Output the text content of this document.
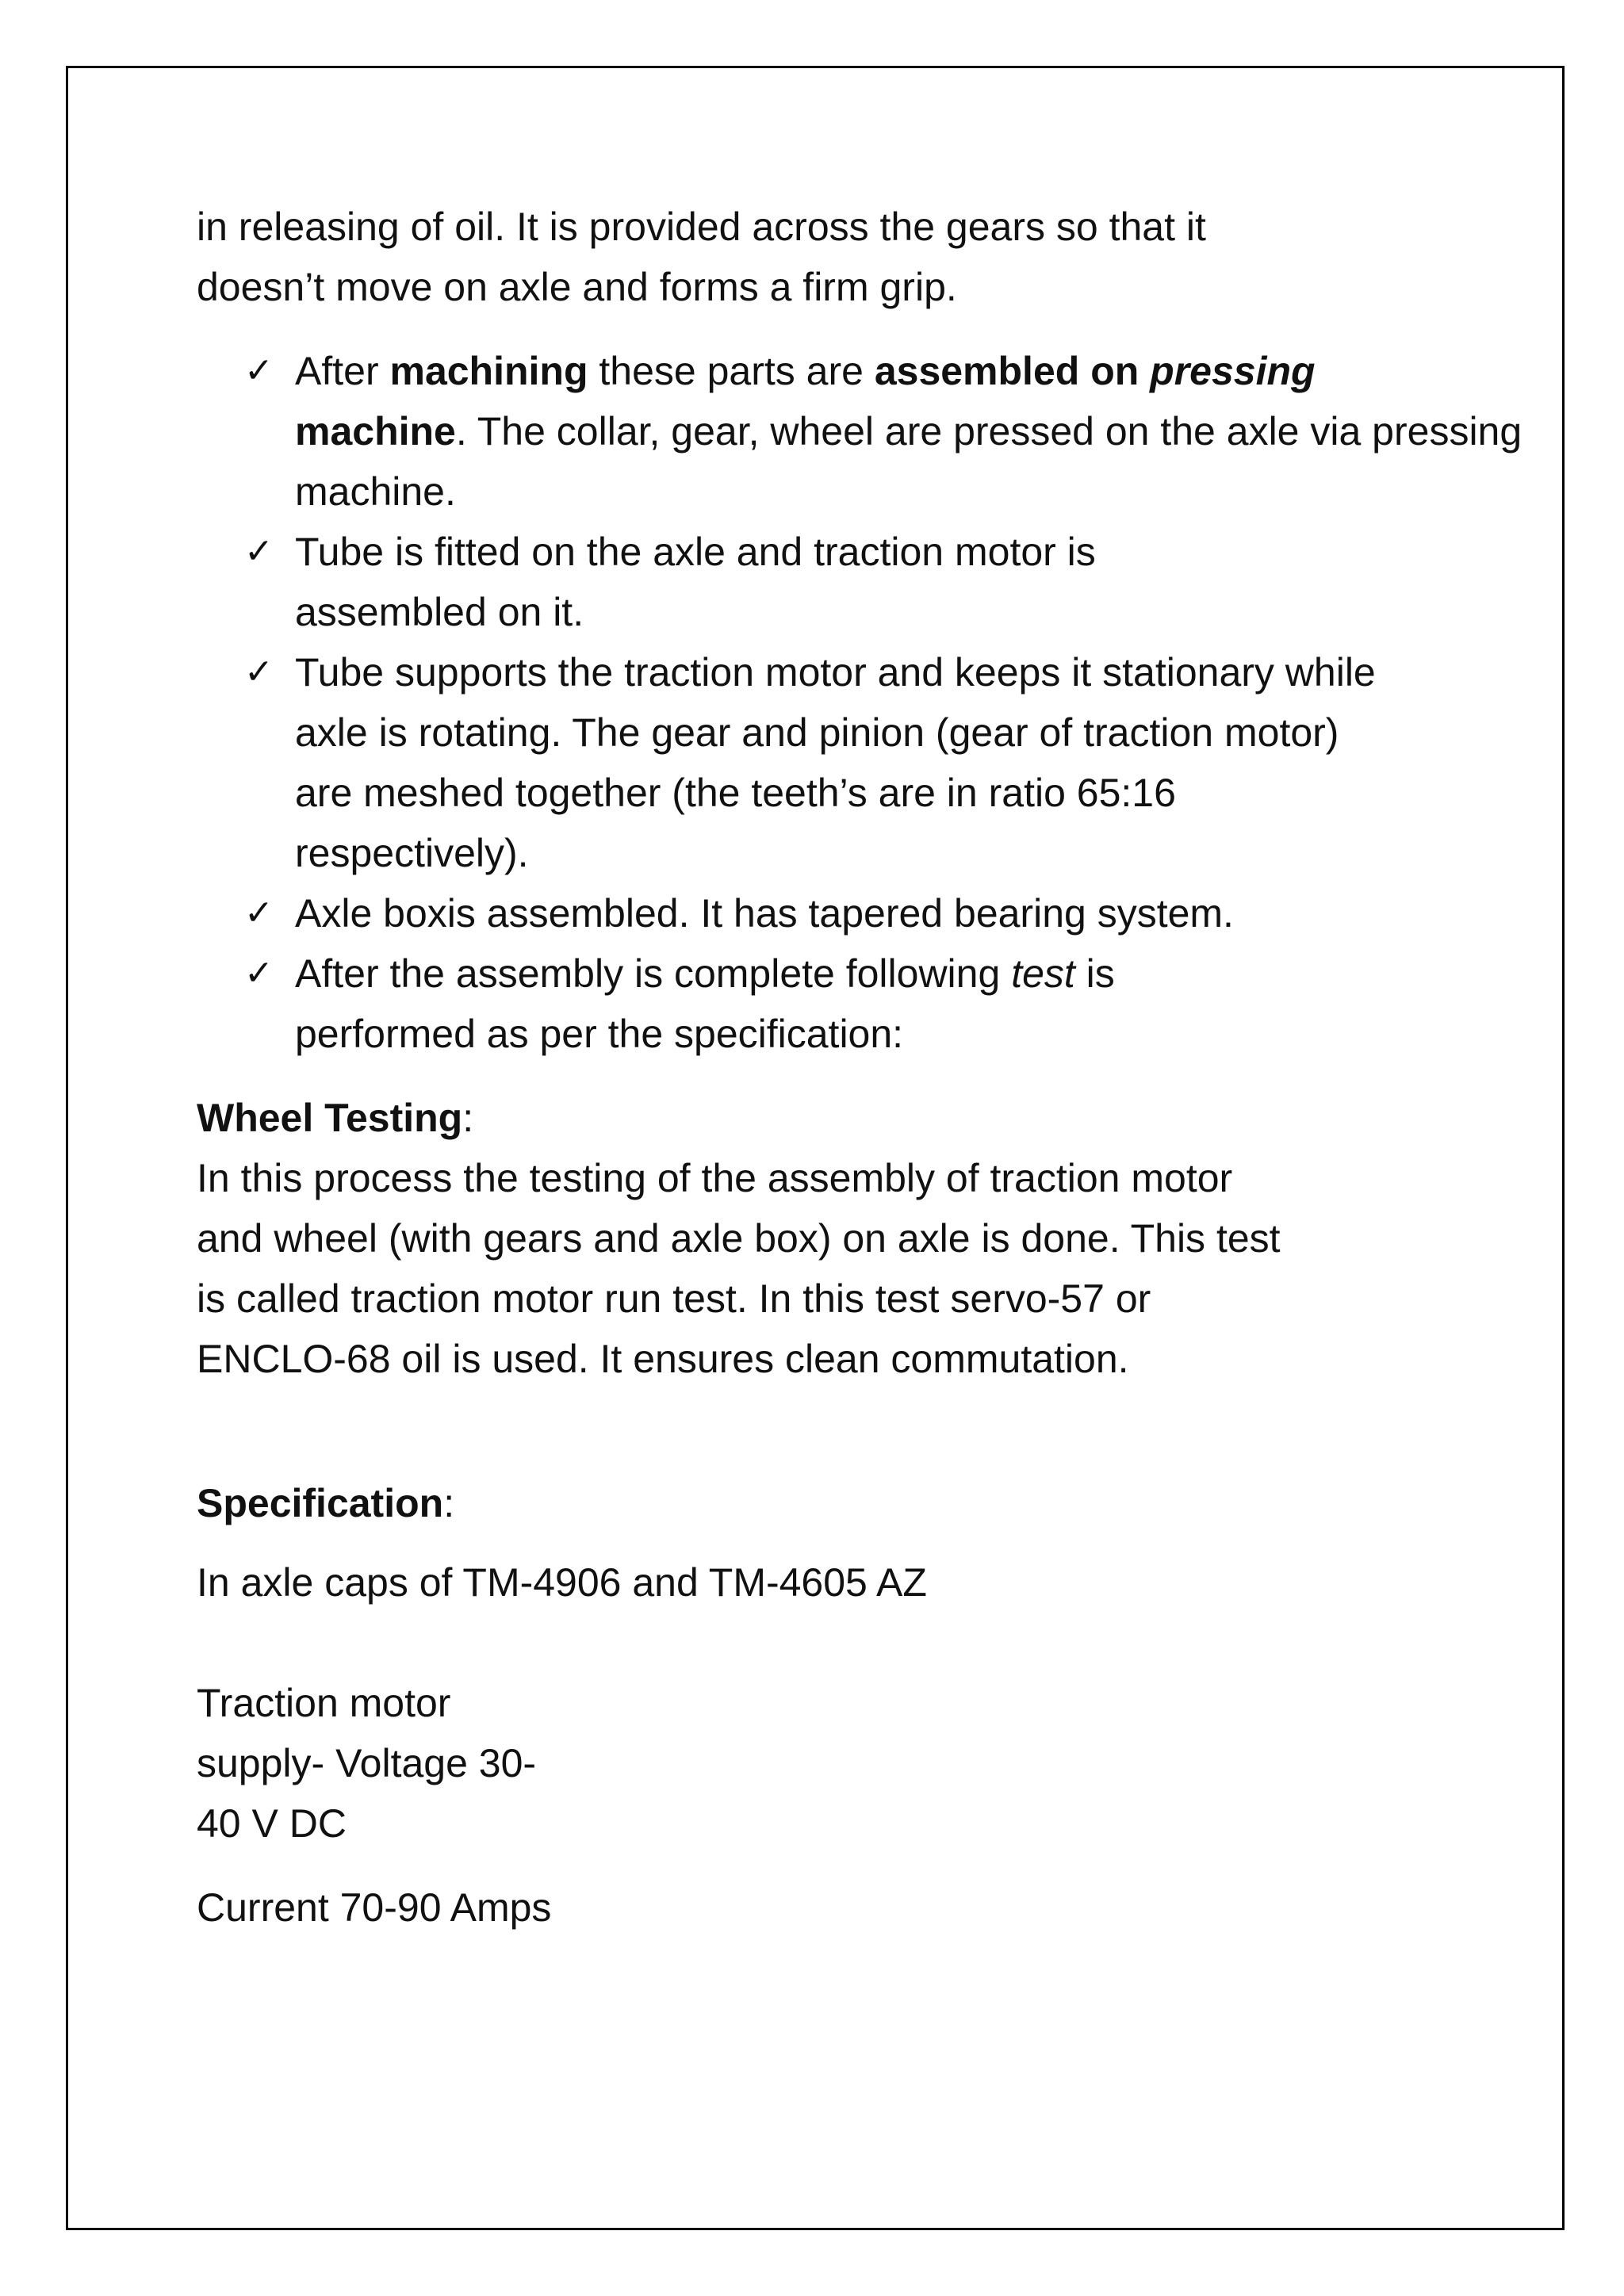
in releasing of oil. It is provided across the gears so that it
doesn’t move on axle and forms a firm grip.

✓ After machining these parts are assembled on pressing
machine. The collar, gear, wheel are pressed on the axle via pressing machine.
✓ Tube is fitted on the axle and traction motor is assembled on it.
✓ Tube supports the traction motor and keeps it stationary while axle is rotating. The gear and pinion (gear of traction motor) are meshed together (the teeth’s are in ratio 65:16 respectively).
✓ Axle boxis assembled. It has tapered bearing system.
✓ After the assembly is complete following test is performed as per the specification:

Wheel Testing:

In this process the testing of the assembly of traction motor and wheel (with gears and axle box) on axle is done. This test is called traction motor run test. In this test servo-57 or ENCLO-68 oil is used. It ensures clean commutation.

Specification:

In axle caps of TM-4906 and TM-4605 AZ

Traction motor
supply- Voltage 30-
40 V DC

Current 70-90 Amps
